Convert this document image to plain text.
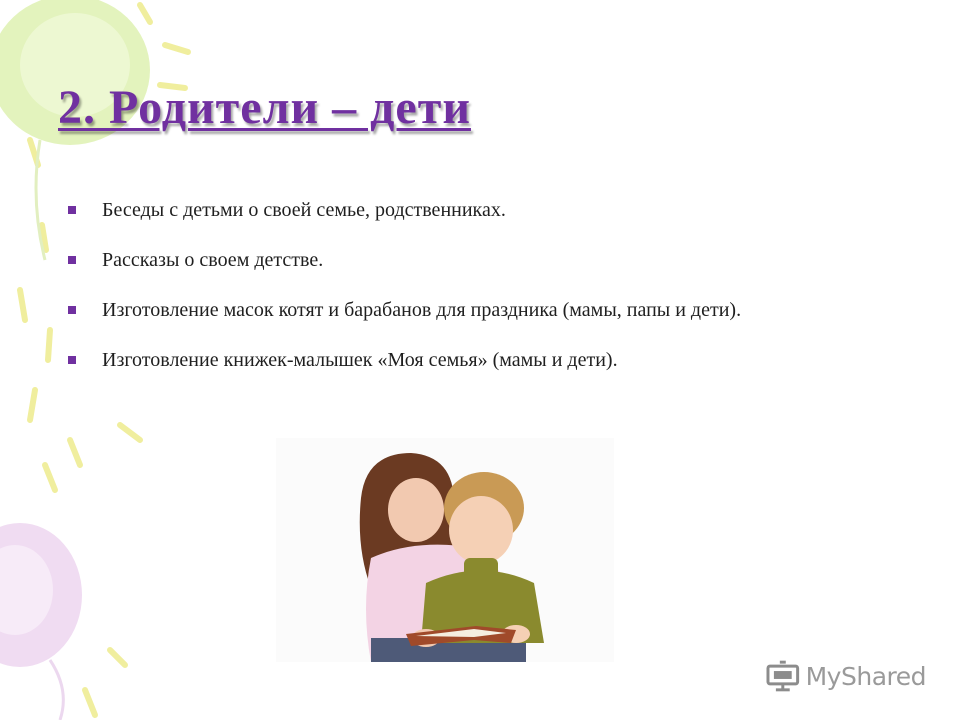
2. Родители – дети
Беседы с детьми о своей семье, родственниках.
Рассказы о своем детстве.
Изготовление масок котят и барабанов для праздника (мамы, папы и дети).
Изготовление книжек-малышек «Моя семья» (мамы и дети).
MyShared
